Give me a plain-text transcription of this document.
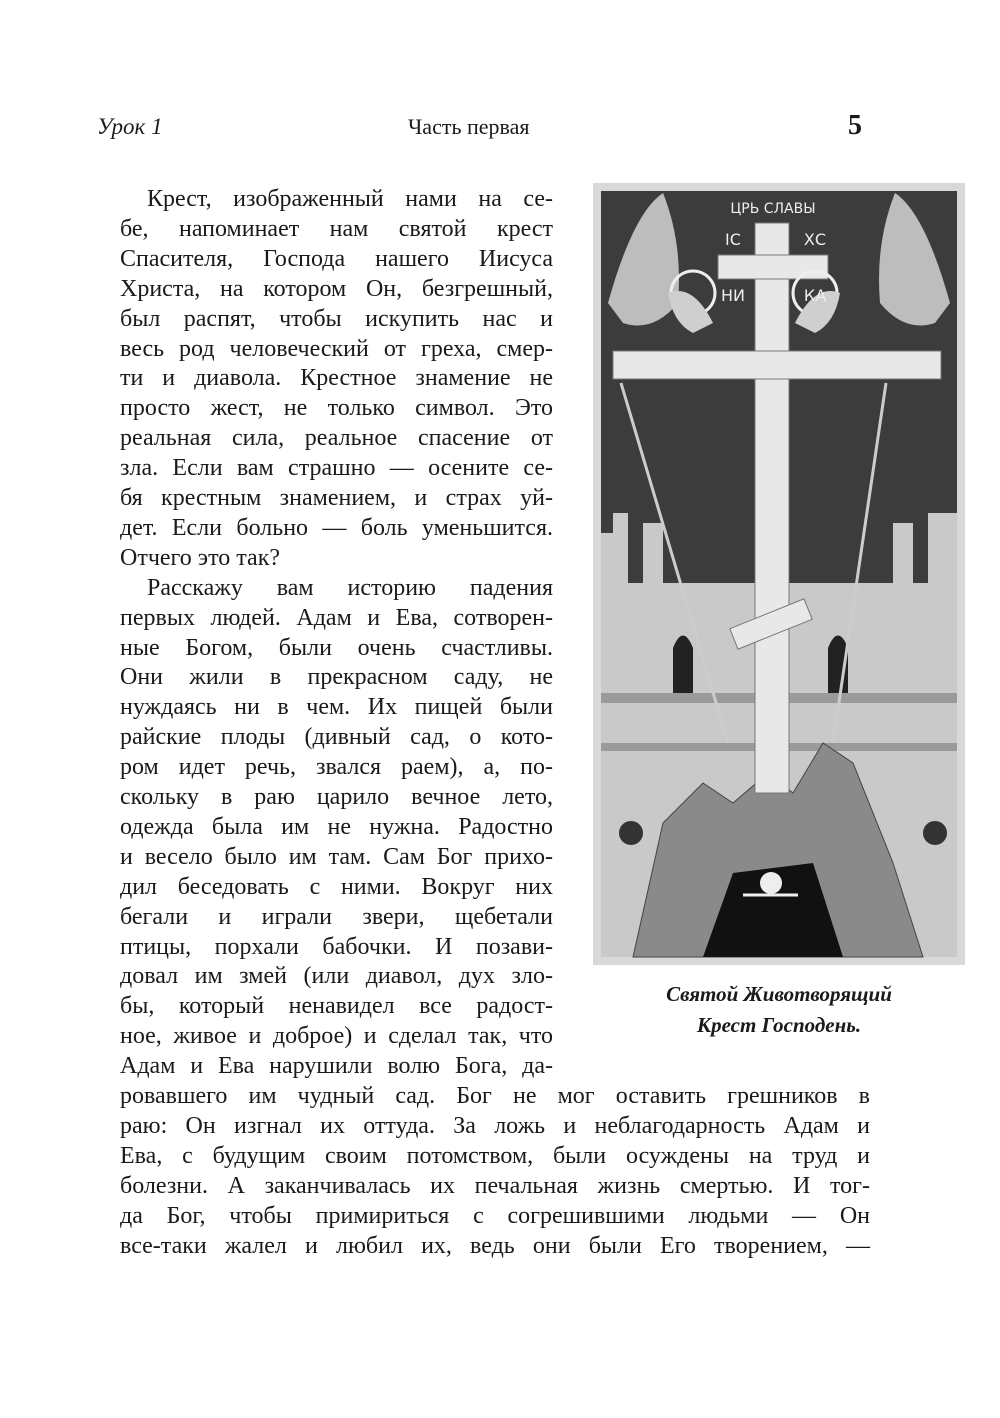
Урок 1	Часть первая	5
Крест, изображенный нами на се-
бе, напоминает нам святой крест
Спасителя, Господа нашего Иисуса
Христа, на котором Он, безгрешный,
был распят, чтобы искупить нас и
весь род человеческий от греха, смер-
ти и диавола. Крестное знамение не
просто жест, не только символ. Это
реальная сила, реальное спасение от
зла. Если вам страшно — осените се-
бя крестным знамением, и страх уй-
дет. Если больно — боль уменьшится.
Отчего это так?
Расскажу вам историю падения
первых людей. Адам и Ева, сотворен-
ные Богом, были очень счастливы.
Они жили в прекрасном саду, не
нуждаясь ни в чем. Их пищей были
райские плоды (дивный сад, о кото-
ром идет речь, звался раем), а, по-
скольку в раю царило вечное лето,
одежда была им не нужна. Радостно
и весело было им там. Сам Бог прихо-
дил беседовать с ними. Вокруг них
бегали и играли звери, щебетали
птицы, порхали бабочки. И позави-
довал им змей (или диавол, дух зло-
бы, который ненавидел все радост-
ное, живое и доброе) и сделал так, что
Адам и Ева нарушили волю Бога, да-
ровавшего им чудный сад. Бог не мог оставить грешников в
раю: Он изгнал их оттуда. За ложь и неблагодарность Адам и
Ева, с будущим своим потомством, были осуждены на труд и
болезни. А заканчивалась их печальная жизнь смертью. И тог-
да Бог, чтобы примириться с согрешившими людьми — Он
все-таки жалел и любил их, ведь они были Его творением, —
ЦРЬ СЛАВЫ
ІС	ХС
НИ	КА
Святой Животворящий
Крест Господень.
